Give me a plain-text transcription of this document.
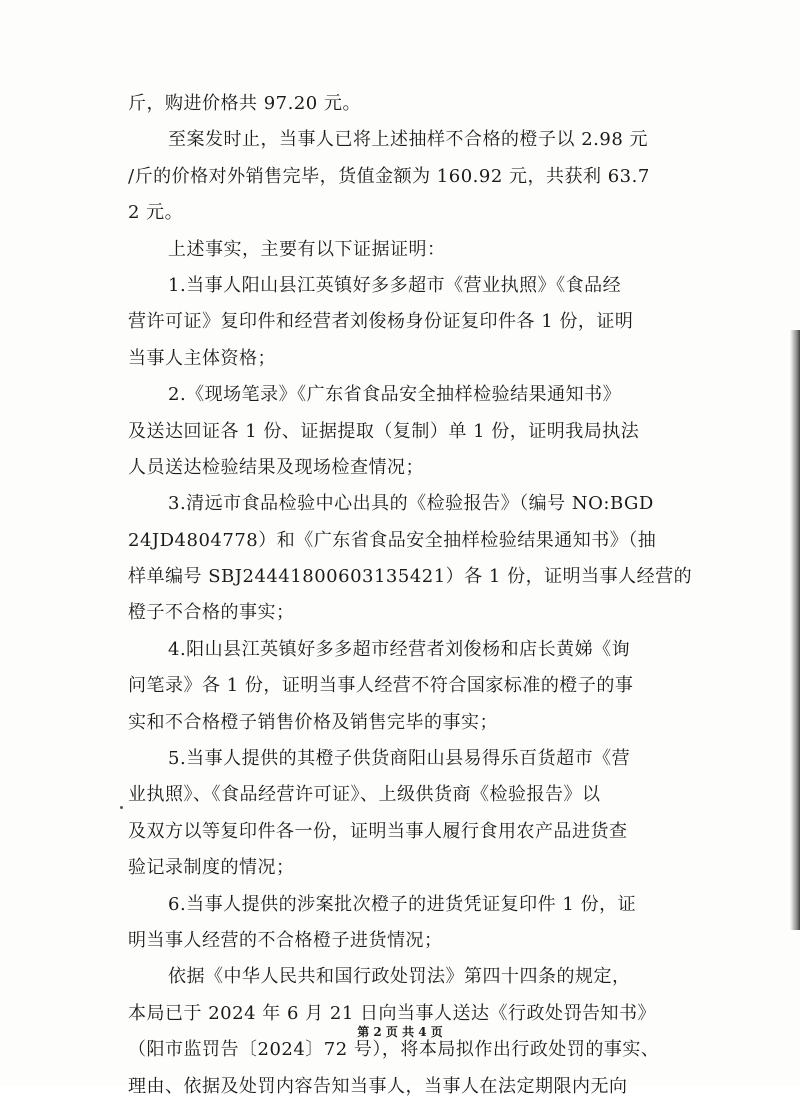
斤，购进价格共 97.20 元。
至案发时止，当事人已将上述抽样不合格的橙子以 2.98 元
/斤的价格对外销售完毕，货值金额为 160.92 元，共获利 63.7
2 元。
上述事实，主要有以下证据证明：
1.当事人阳山县江英镇好多多超市《营业执照》《食品经
营许可证》复印件和经营者刘俊杨身份证复印件各 1 份，证明
当事人主体资格；
2.《现场笔录》《广东省食品安全抽样检验结果通知书》
及送达回证各 1 份、证据提取（复制）单 1 份，证明我局执法
人员送达检验结果及现场检查情况；
3.清远市食品检验中心出具的《检验报告》（编号 NO:BGD
24JD4804778）和《广东省食品安全抽样检验结果通知书》（抽
样单编号 SBJ24441800603135421）各 1 份，证明当事人经营的
橙子不合格的事实；
4.阳山县江英镇好多多超市经营者刘俊杨和店长黄娣《询
问笔录》各 1 份，证明当事人经营不符合国家标准的橙子的事
实和不合格橙子销售价格及销售完毕的事实；
5.当事人提供的其橙子供货商阳山县易得乐百货超市《营
业执照》、《食品经营许可证》、上级供货商《检验报告》以
及双方以等复印件各一份，证明当事人履行食用农产品进货查
验记录制度的情况；
6.当事人提供的涉案批次橙子的进货凭证复印件 1 份，证
明当事人经营的不合格橙子进货情况；
依据《中华人民共和国行政处罚法》第四十四条的规定，
本局已于 2024 年 6 月 21 日向当事人送达《行政处罚告知书》
（阳市监罚告〔2024〕72 号），将本局拟作出行政处罚的事实、
理由、依据及处罚内容告知当事人，当事人在法定期限内无向
第 2 页 共 4 页
